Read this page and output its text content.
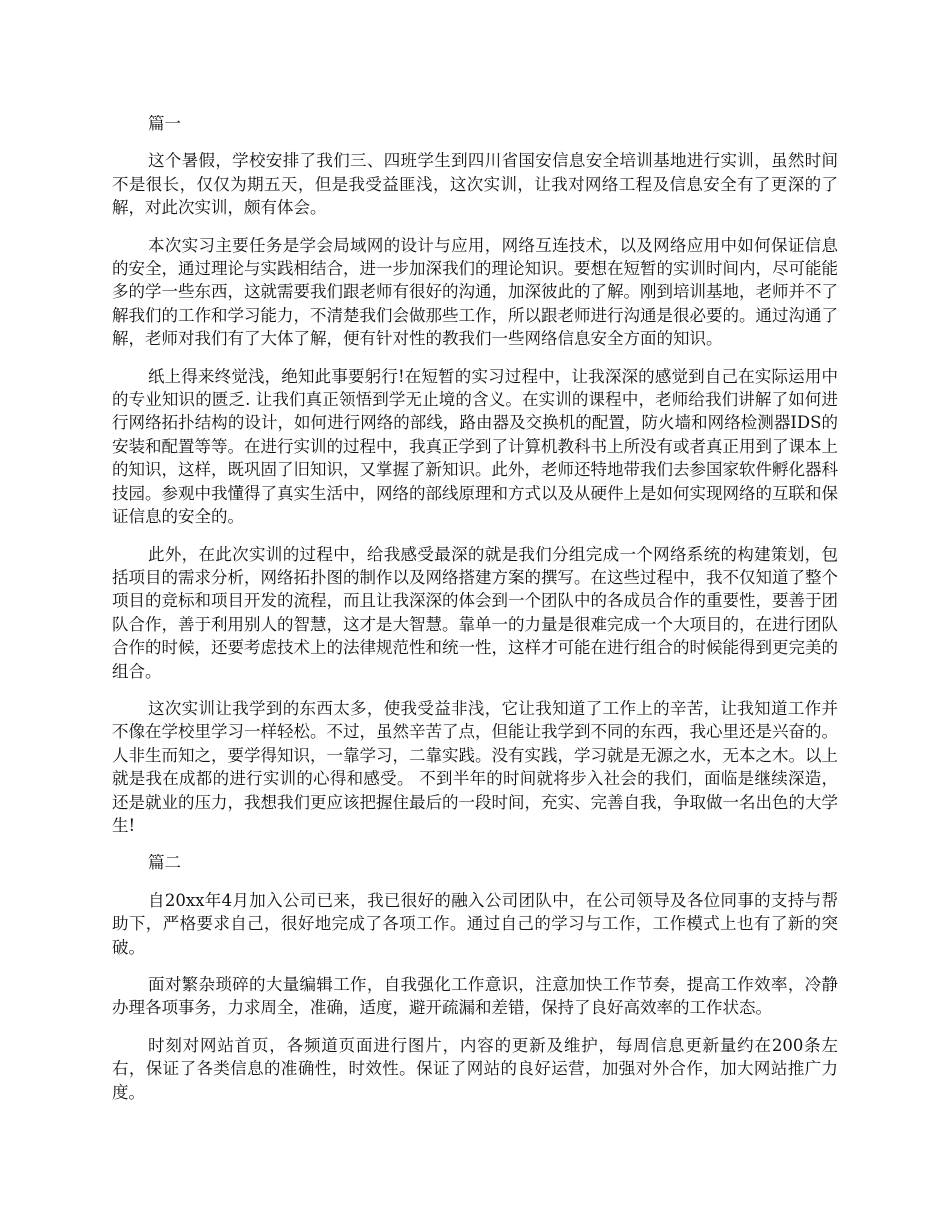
篇一

这个暑假，学校安排了我们三、四班学生到四川省国安信息安全培训基地进行实训，虽然时间不是很长，仅仅为期五天，但是我受益匪浅，这次实训，让我对网络工程及信息安全有了更深的了解，对此次实训，颇有体会。

本次实习主要任务是学会局域网的设计与应用，网络互连技术，以及网络应用中如何保证信息的安全，通过理论与实践相结合，进一步加深我们的理论知识。要想在短暂的实训时间内，尽可能能多的学一些东西，这就需要我们跟老师有很好的沟通，加深彼此的了解。刚到培训基地，老师并不了解我们的工作和学习能力，不清楚我们会做那些工作，所以跟老师进行沟通是很必要的。通过沟通了解，老师对我们有了大体了解，便有针对性的教我们一些网络信息安全方面的知识。

纸上得来终觉浅，绝知此事要躬行!在短暂的实习过程中，让我深深的感觉到自己在实际运用中的专业知识的匮乏. 让我们真正领悟到学无止境的含义。在实训的课程中，老师给我们讲解了如何进行网络拓扑结构的设计，如何进行网络的部线，路由器及交换机的配置，防火墙和网络检测器IDS的安装和配置等等。在进行实训的过程中，我真正学到了计算机教科书上所没有或者真正用到了课本上的知识，这样，既巩固了旧知识，又掌握了新知识。此外，老师还特地带我们去参国家软件孵化器科技园。参观中我懂得了真实生活中，网络的部线原理和方式以及从硬件上是如何实现网络的互联和保证信息的安全的。

此外，在此次实训的过程中，给我感受最深的就是我们分组完成一个网络系统的构建策划，包括项目的需求分析，网络拓扑图的制作以及网络搭建方案的撰写。在这些过程中，我不仅知道了整个项目的竞标和项目开发的流程，而且让我深深的体会到一个团队中的各成员合作的重要性，要善于团队合作，善于利用别人的智慧，这才是大智慧。靠单一的力量是很难完成一个大项目的，在进行团队合作的时候，还要考虑技术上的法律规范性和统一性，这样才可能在进行组合的时候能得到更完美的组合。

这次实训让我学到的东西太多，使我受益非浅，它让我知道了工作上的辛苦，让我知道工作并不像在学校里学习一样轻松。不过，虽然辛苦了点，但能让我学到不同的东西，我心里还是兴奋的。人非生而知之，要学得知识，一靠学习，二靠实践。没有实践，学习就是无源之水，无本之木。以上就是我在成都的进行实训的心得和感受。 不到半年的时间就将步入社会的我们，面临是继续深造，还是就业的压力，我想我们更应该把握住最后的一段时间，充实、完善自我，争取做一名出色的大学生!

篇二

自20xx年4月加入公司已来，我已很好的融入公司团队中，在公司领导及各位同事的支持与帮助下，严格要求自己，很好地完成了各项工作。通过自己的学习与工作，工作模式上也有了新的突破。

面对繁杂琐碎的大量编辑工作，自我强化工作意识，注意加快工作节奏，提高工作效率，冷静办理各项事务，力求周全，准确，适度，避开疏漏和差错，保持了良好高效率的工作状态。

时刻对网站首页，各频道页面进行图片，内容的更新及维护，每周信息更新量约在200条左右，保证了各类信息的准确性，时效性。保证了网站的良好运营，加强对外合作，加大网站推广力度。
